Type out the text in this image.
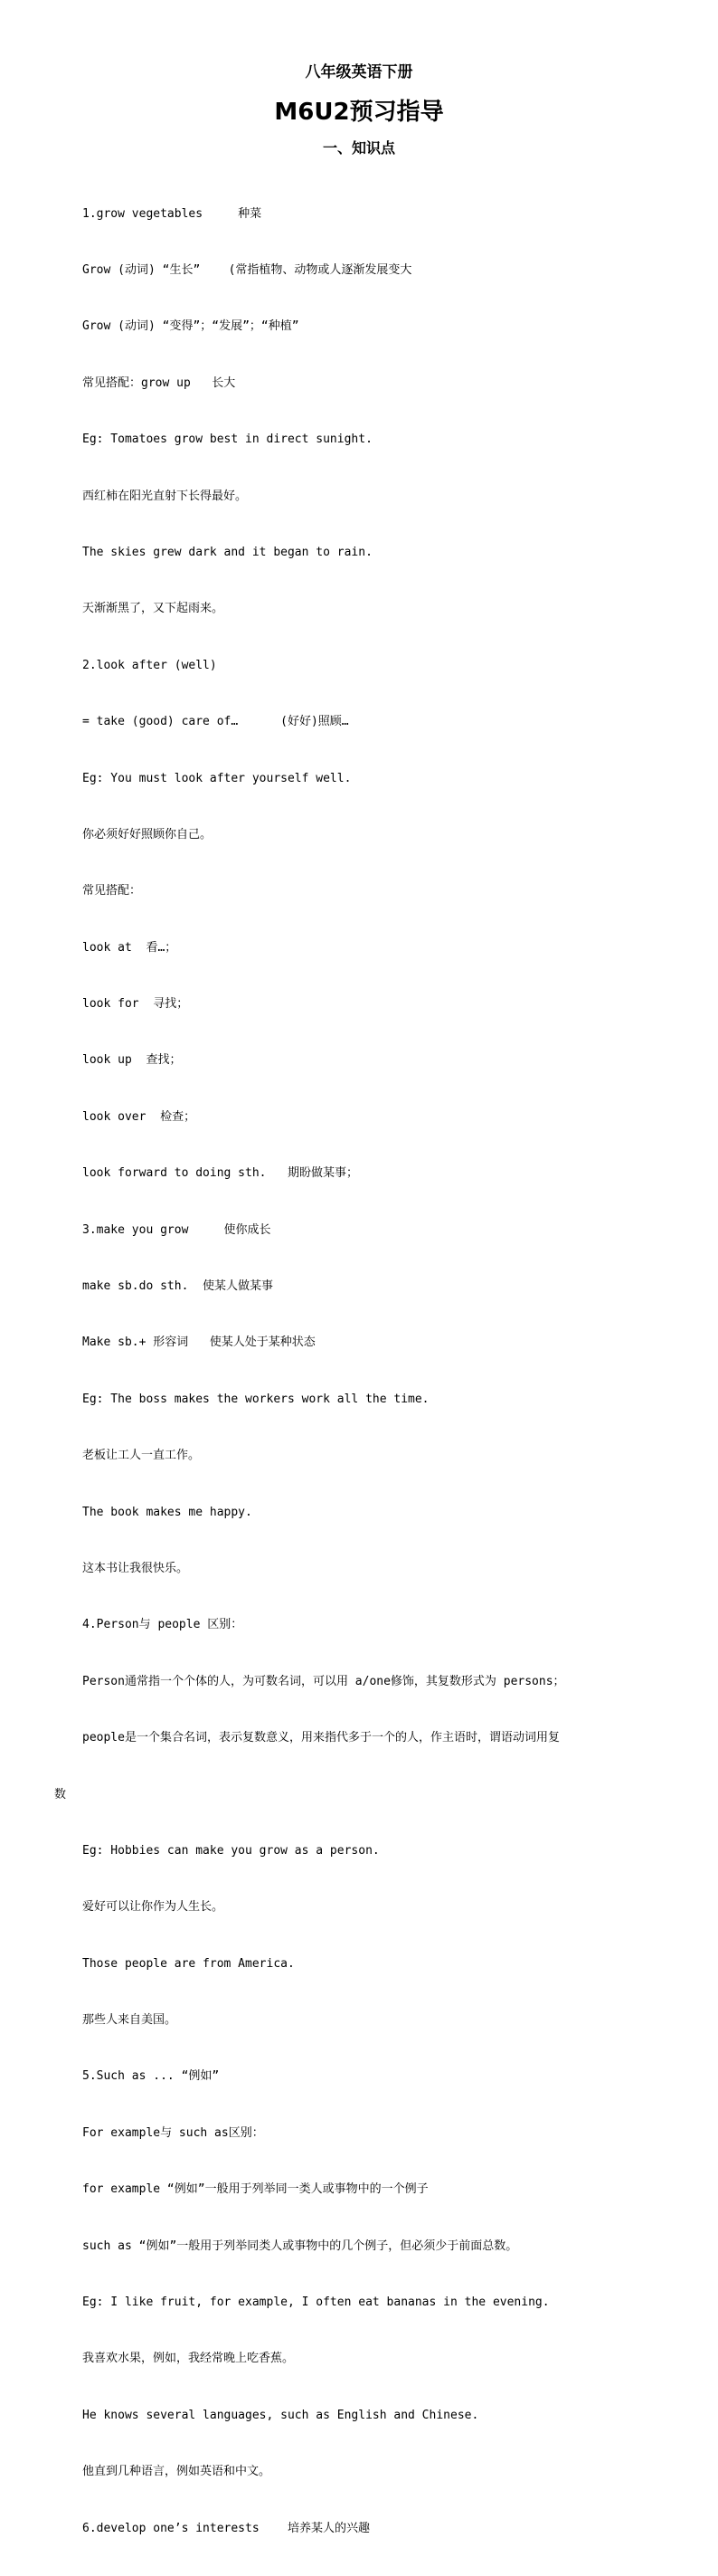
八年级英语下册
M6U2预习指导
一、知识点

1.grow vegetables     种菜

Grow (动词) “生长”    (常指植物、动物或人逐渐发展变大

Grow (动词) “变得”；“发展”；“种植”

常见搭配：grow up   长大

Eg: Tomatoes grow best in direct sunight.

西红柿在阳光直射下长得最好。

The skies grew dark and it began to rain.

天渐渐黑了，又下起雨来。

2.look after (well)

= take (good) care of…      (好好)照顾…

Eg: You must look after yourself well.

你必须好好照顾你自己。

常见搭配：

look at  看…；

look for  寻找；

look up  查找；

look over  检查；

look forward to doing sth.   期盼做某事；

3.make you grow     使你成长

make sb.do sth.  使某人做某事

Make sb.+ 形容词   使某人处于某种状态

Eg: The boss makes the workers work all the time.

老板让工人一直工作。

The book makes me happy.

这本书让我很快乐。

4.Person与 people 区别：

Person通常指一个个体的人，为可数名词，可以用 a/one修饰，其复数形式为 persons；

people是一个集合名词，表示复数意义，用来指代多于一个的人，作主语时，谓语动词用复

数

Eg: Hobbies can make you grow as a person.

爱好可以让你作为人生长。

Those people are from America.

那些人来自美国。

5.Such as ... “例如”

For example与 such as区别：

for example “例如”一般用于列举同一类人或事物中的一个例子

such as “例如”一般用于列举同类人或事物中的几个例子，但必须少于前面总数。

Eg: I like fruit, for example, I often eat bananas in the evening.

我喜欢水果，例如，我经常晚上吃香蕉。

He knows several languages, such as English and Chinese.

他直到几种语言，例如英语和中文。

6.develop one’s interests    培养某人的兴趣
